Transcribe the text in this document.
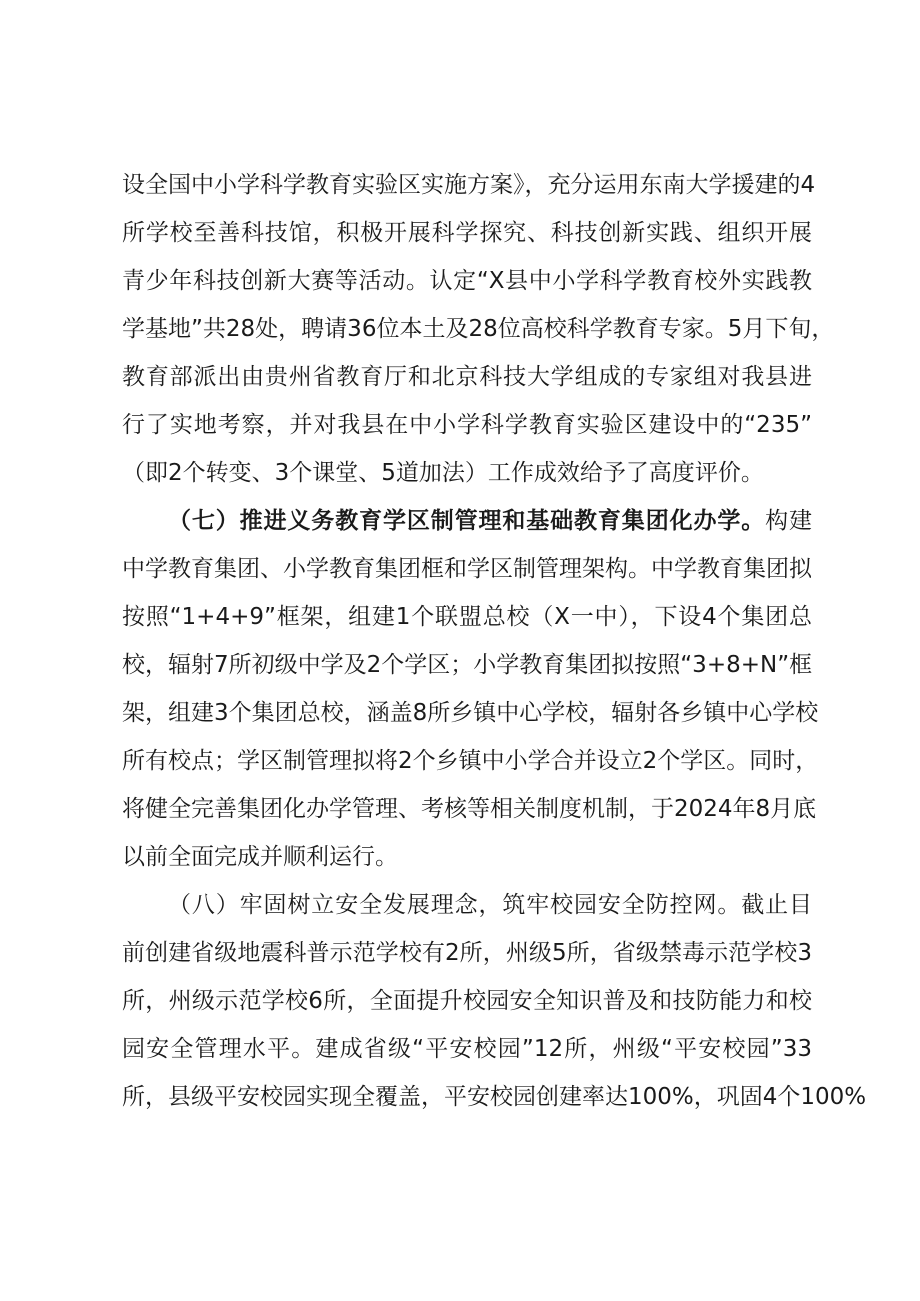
设全国中小学科学教育实验区实施方案》，充分运用东南大学援建的4
所学校至善科技馆，积极开展科学探究、科技创新实践、组织开展
青少年科技创新大赛等活动。认定“X县中小学科学教育校外实践教
学基地”共28处，聘请36位本土及28位高校科学教育专家。5月下旬，
教育部派出由贵州省教育厅和北京科技大学组成的专家组对我县进
行了实地考察，并对我县在中小学科学教育实验区建设中的“235”
（即2个转变、3个课堂、5道加法）工作成效给予了高度评价。
（七）推进义务教育学区制管理和基础教育集团化办学。构建
中学教育集团、小学教育集团框和学区制管理架构。中学教育集团拟
按照“1+4+9”框架，组建1个联盟总校（X一中），下设4个集团总
校，辐射7所初级中学及2个学区；小学教育集团拟按照“3+8+N”框
架，组建3个集团总校，涵盖8所乡镇中心学校，辐射各乡镇中心学校
所有校点；学区制管理拟将2个乡镇中小学合并设立2个学区。同时，
将健全完善集团化办学管理、考核等相关制度机制，于2024年8月底
以前全面完成并顺利运行。
（八）牢固树立安全发展理念，筑牢校园安全防控网。截止目
前创建省级地震科普示范学校有2所，州级5所，省级禁毒示范学校3
所，州级示范学校6所，全面提升校园安全知识普及和技防能力和校
园安全管理水平。建成省级“平安校园”12所，州级“平安校园”33
所，县级平安校园实现全覆盖，平安校园创建率达100%，巩固4个100%
